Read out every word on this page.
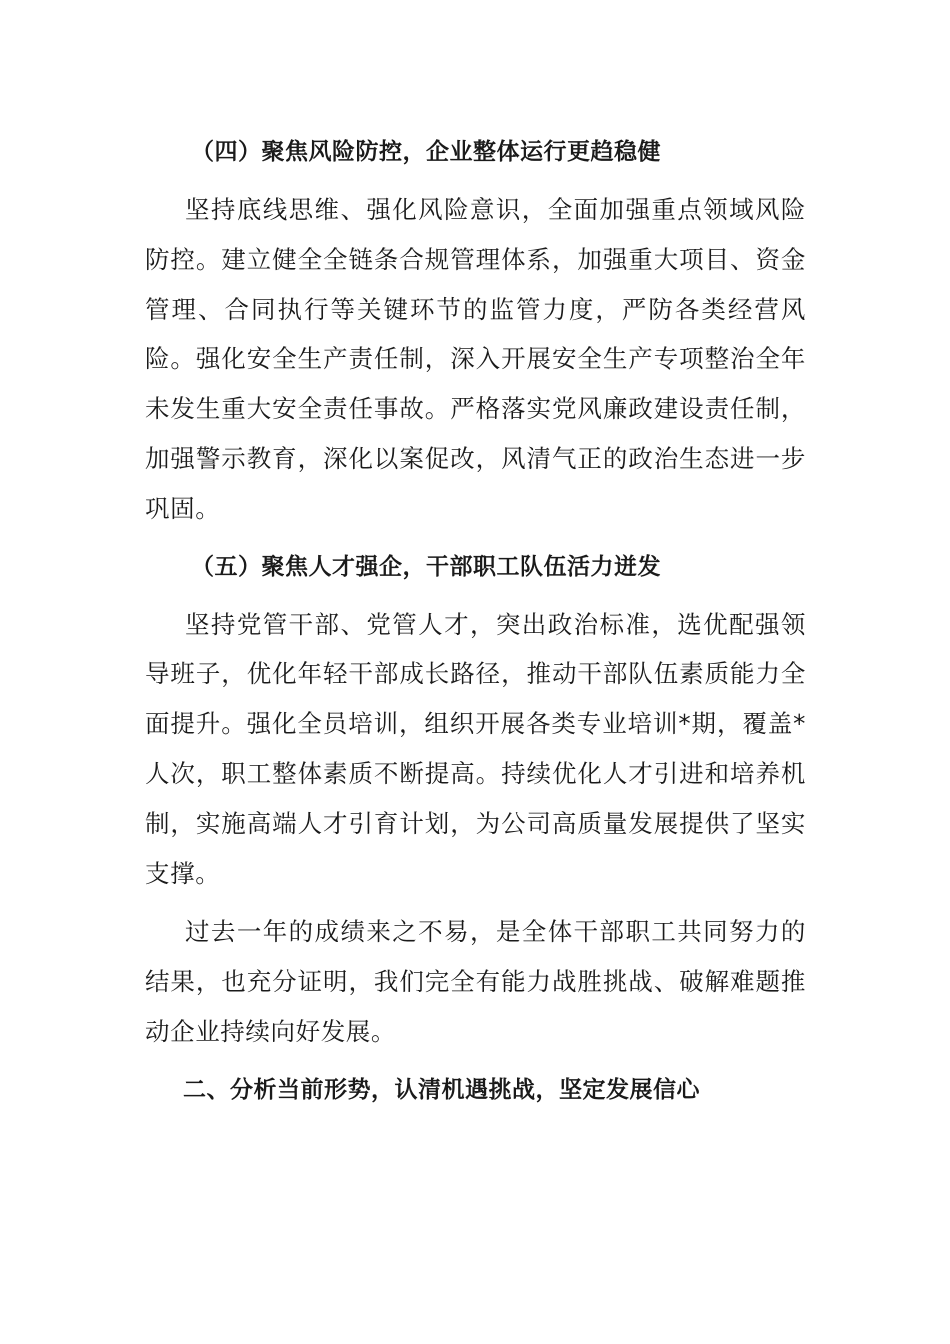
（四）聚焦风险防控，企业整体运行更趋稳健
坚持底线思维、强化风险意识，全面加强重点领域风险防控。建立健全全链条合规管理体系，加强重大项目、资金管理、合同执行等关键环节的监管力度，严防各类经营风险。强化安全生产责任制，深入开展安全生产专项整治全年未发生重大安全责任事故。严格落实党风廉政建设责任制，加强警示教育，深化以案促改，风清气正的政治生态进一步巩固。
（五）聚焦人才强企，干部职工队伍活力迸发
坚持党管干部、党管人才，突出政治标准，选优配强领导班子，优化年轻干部成长路径，推动干部队伍素质能力全面提升。强化全员培训，组织开展各类专业培训*期，覆盖*人次，职工整体素质不断提高。持续优化人才引进和培养机制，实施高端人才引育计划，为公司高质量发展提供了坚实支撑。
过去一年的成绩来之不易，是全体干部职工共同努力的结果，也充分证明，我们完全有能力战胜挑战、破解难题推动企业持续向好发展。
二、分析当前形势，认清机遇挑战，坚定发展信心
